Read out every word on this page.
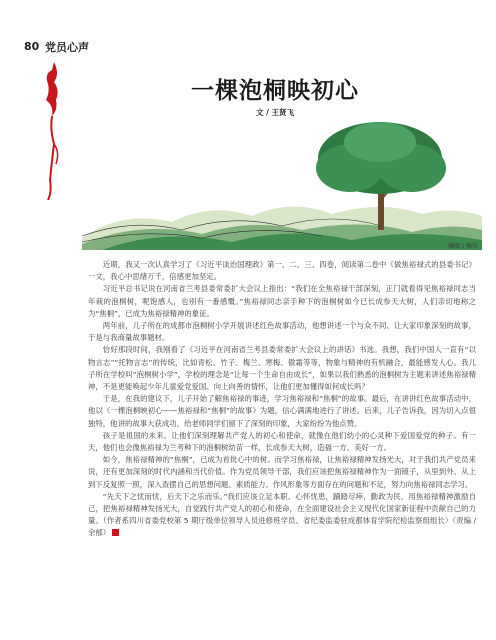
80 党员心声
一棵泡桐映初心
文 / 王贤飞
插图 / 杨东

近期，我又一次认真学习了《习近平谈治国理政》第一、二、三、四卷，阅读第二卷中《做焦裕禄式的县委书记》一文，我心中思绪万千，倍感更加坚定。

习近平总书记说在河南省兰考县委常委扩大会议上指出：“我们在全焦裕禄干部深刻，正门就看得见焦裕禄同志当年栽的泡桐树，呢饱感人，也别有一番感慨。”焦裕禄同志亲手种下的泡桐树如今已长成参天大树，人们亲切地称之为“焦桐”，已成为焦裕禄精神的象征。

两年前，儿子所在的成都市泡桐树小学开展讲述红色故事活动，他想讲述一个与众不同、让大家印象深刻的故事，于是与我商量故事题材。

恰好那段时间，我刚看了《习近平在河南省兰考县委常委扩大会议上的讲话》书选。我想，我们中国人一直有“以物言志”“托物言志”的传统，比如青松、竹子、梅兰、寒梅、傲霜等等，物象与精神的有机融合，最能感发人心。我儿子所在学校叫“泡桐树小学”，学校的理念是“让每一个生命自由成长”，如果以我们熟悉的泡桐树为主题来讲述焦裕禄精神，不是更能唤起少年儿童爱党爱国、向上向善的情怀，让他们更加懂得如何成长吗？

于是，在我的建议下，儿子开始了解焦裕禄的事迹，学习焦裕禄和“焦桐”的故事。最后，在讲讲红色故事活动中，他以《一棵泡桐映初心——焦裕禄和“焦桐”的故事》为题，信心满满地进行了讲述。后来，儿子告诉我，因为切入点很独特，他讲的故事大获成功，给老师同学们留下了深刻的印象，大家纷纷为他点赞。

孩子是祖国的未来。让他们深刻理解共产党人的初心和使命，就像在他们幼小的心灵种下爱国爱党的种子。有一天，他们也会像焦裕禄为兰考种下的泡桐树幼苗一样，长成参天大树，造福一方、美好一方。

如今，焦裕禄精神的“焦桐”，已成为首批心中的树。而学习焦裕禄，让焦裕禄精神发扬光大，对于我们共产党员来说，还有更加深刻的时代内涵和当代价值。作为党员领导干部，我们应该把焦裕禄精神作为一面镜子，从里到外、从上到下反复照一照，深入查摆自己的思想问题、素质能力、作风形象等方面存在的问题和不足，努力向焦裕禄同志学习。

“先天下之忧而忧，后天下之乐而乐。”我们应该立足本职、心怀忧患，踊踏尽瘁，勤政为民，用焦裕禄精神激励自己，把焦裕禄精神发扬光大，自觉践行共产党人的初心和使命，在全面建设社会主义现代化国家新征程中贡献自己的力量。（作者系四川省委党校第 5 期厅级单位领导人员进修班学员、省纪委监委驻成都体育学院纪检监察组组长）（责编 / 余郁）
